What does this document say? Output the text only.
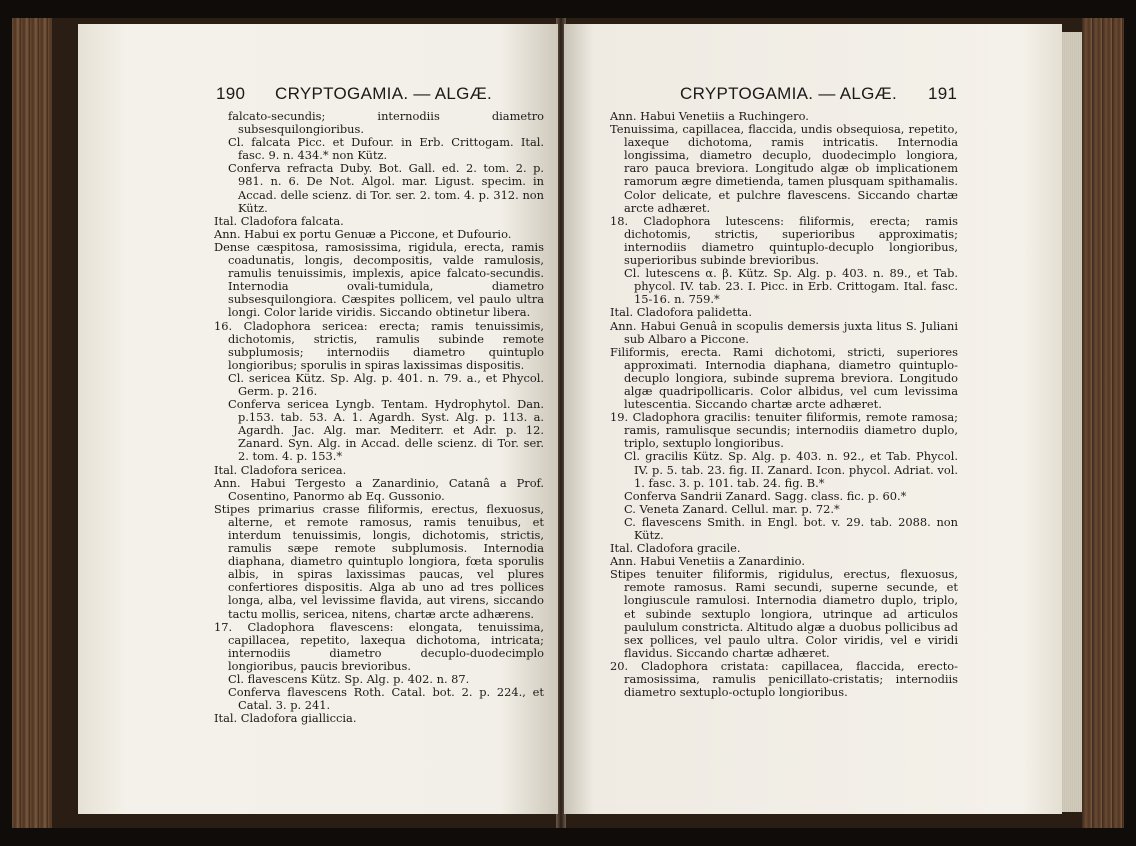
190 CRYPTOGAMIA. — ALGÆ.

falcato-secundis; internodiis diametro subsesquilongioribus.

Cl. falcata Picc. et Dufour. in Erb. Crittogam. Ital. fasc. 9. n. 434.* non Kütz.

Conferva refracta Duby. Bot. Gall. ed. 2. tom. 2. p. 981. n. 6. De Not. Algol. mar. Ligust. specim. in Accad. delle scienz. di Tor. ser. 2. tom. 4. p. 312. non Kütz.

Ital. Cladofora falcata.

Ann. Habui ex portu Genuæ a Piccone, et Dufourio.

Dense cæspitosa, ramosissima, rigidula, erecta, ramis coadunatis, longis, decompositis, valde ramulosis, ramulis tenuissimis, implexis, apice falcato-secundis. Internodia ovali-tumidula, diametro subsesquilongiora. Cæspites pollicem, vel paulo ultra longi. Color laride viridis. Siccando obtinetur libera.

16. Cladophora sericea: erecta; ramis tenuissimis, dichotomis, strictis, ramulis subinde remote subplumosis; internodiis diametro quintuplo longioribus; sporulis in spiras laxissimas dispositis.

Cl. sericea Kütz. Sp. Alg. p. 401. n. 79. a., et Phycol. Germ. p. 216.

Conferva sericea Lyngb. Tentam. Hydrophytol. Dan. p.153. tab. 53. A. 1. Agardh. Syst. Alg. p. 113. a. Agardh. Jac. Alg. mar. Mediterr. et Adr. p. 12. Zanard. Syn. Alg. in Accad. delle scienz. di Tor. ser. 2. tom. 4. p. 153.*

Ital. Cladofora sericea.

Ann. Habui Tergesto a Zanardinio, Catanâ a Prof. Cosentino, Panormo ab Eq. Gussonio.

Stipes primarius crasse filiformis, erectus, flexuosus, alterne, et remote ramosus, ramis tenuibus, et interdum tenuissimis, longis, dichotomis, strictis, ramulis sæpe remote subplumosis. Internodia diaphana, diametro quintuplo longiora, fœta sporulis albis, in spiras laxissimas paucas, vel plures confertiores dispositis. Alga ab uno ad tres pollices longa, alba, vel levissime flavida, aut virens, siccando tactu mollis, sericea, nitens, chartæ arcte adhærens.

17. Cladophora flavescens: elongata, tenuissima, capillacea, repetito, laxequa dichotoma, intricata; internodiis diametro decuplo-duodecimplo longioribus, paucis brevioribus.

Cl. flavescens Kütz. Sp. Alg. p. 402. n. 87.

Conferva flavescens Roth. Catal. bot. 2. p. 224., et Catal. 3. p. 241.

Ital. Cladofora gialliccia.

CRYPTOGAMIA. — ALGÆ. 191

Ann. Habui Venetiis a Ruchingero.

Tenuissima, capillacea, flaccida, undis obsequiosa, repetito, laxeque dichotoma, ramis intricatis. Internodia longissima, diametro decuplo, duodecimplo longiora, raro pauca breviora. Longitudo algæ ob implicationem ramorum ægre dimetienda, tamen plusquam spithamalis. Color delicate, et pulchre flavescens. Siccando chartæ arcte adhæret.

18. Cladophora lutescens: filiformis, erecta; ramis dichotomis, strictis, superioribus approximatis; internodiis diametro quintuplo-decuplo longioribus, superioribus subinde brevioribus.

Cl. lutescens α. β. Kütz. Sp. Alg. p. 403. n. 89., et Tab. phycol. IV. tab. 23. I. Picc. in Erb. Crittogam. Ital. fasc. 15-16. n. 759.*

Ital. Cladofora palidetta.

Ann. Habui Genuâ in scopulis demersis juxta litus S. Juliani sub Albaro a Piccone.

Filiformis, erecta. Rami dichotomi, stricti, superiores approximati. Internodia diaphana, diametro quintuplo-decuplo longiora, subinde suprema breviora. Longitudo algæ quadripollicaris. Color albidus, vel cum levissima lutescentia. Siccando chartæ arcte adhæret.

19. Cladophora gracilis: tenuiter filiformis, remote ramosa; ramis, ramulisque secundis; internodiis diametro duplo, triplo, sextuplo longioribus.

Cl. gracilis Kütz. Sp. Alg. p. 403. n. 92., et Tab. Phycol. IV. p. 5. tab. 23. fig. II. Zanard. Icon. phycol. Adriat. vol. 1. fasc. 3. p. 101. tab. 24. fig. B.*

Conferva Sandrii Zanard. Sagg. class. fic. p. 60.*

C. Veneta Zanard. Cellul. mar. p. 72.*

C. flavescens Smith. in Engl. bot. v. 29. tab. 2088. non Kütz.

Ital. Cladofora gracile.

Ann. Habui Venetiis a Zanardinio.

Stipes tenuiter filiformis, rigidulus, erectus, flexuosus, remote ramosus. Rami secundi, superne secunde, et longiuscule ramulosi. Internodia diametro duplo, triplo, et subinde sextuplo longiora, utrinque ad articulos paululum constricta. Altitudo algæ a duobus pollicibus ad sex pollices, vel paulo ultra. Color viridis, vel e viridi flavidus. Siccando chartæ adhæret.

20. Cladophora cristata: capillacea, flaccida, erecto-ramosissima, ramulis penicillato-cristatis; internodiis diametro sextuplo-octuplo longioribus.
